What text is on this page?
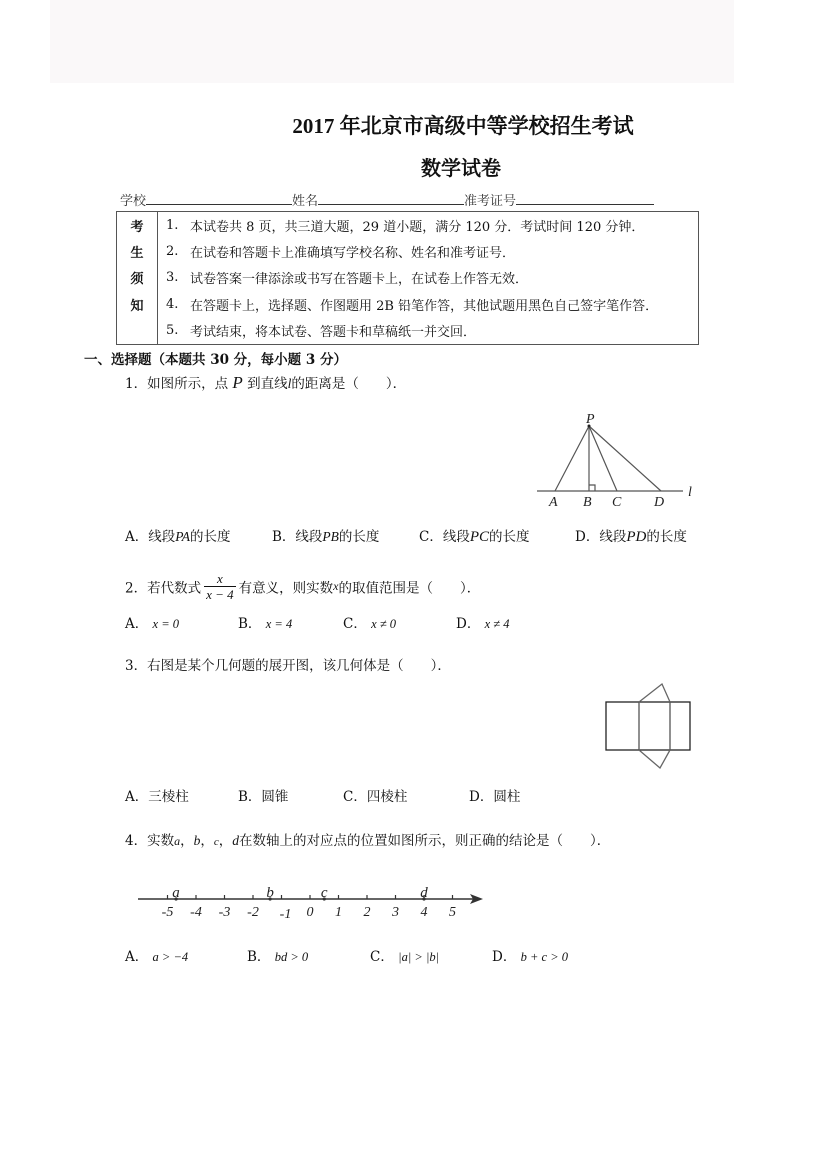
2017 年北京市高级中等学校招生考试
数学试卷
学校	姓名	准考证号
考	1.	本试卷共 8 页，共三道大题，29 道小题，满分 120 分．考试时间 120 分钟．
生	2.	在试卷和答题卡上准确填写学校名称、姓名和准考证号．
须	3.	试卷答案一律添涂或书写在答题卡上，在试卷上作答无效．
知	4.	在答题卡上，选择题、作图题用 2B 铅笔作答，其他试题用黑色自己签字笔作答．
	5.	考试结束，将本试卷、答题卡和草稿纸一并交回．
一、选择题（本题共 30 分，每小题 3 分）
1．如图所示，点 P 到直线l的距离是（　　）．
P
A B C D
l
A．线段PA的长度	B．线段PB的长度	C．线段PC的长度	D．线段PD的长度
2．若代数式 $\frac{x}{x - 4}$ 有意义，则实数x的取值范围是（　　）．
A． x = 0	B． x = 4	C． x ≠ 0	D． x ≠ 4
3．右图是某个几何题的展开图，该几何体是（　　）．
A．三棱柱	B．圆锥	C．四棱柱	D．圆柱
4．实数a，b，c，d在数轴上的对应点的位置如图所示，则正确的结论是（　　）．
-5 -4 -3 -2 -1 0 1 2 3 4 5
a	b	c	d
A． a > −4	B． bd > 0	C． |a| > |b|	D． b + c > 0
